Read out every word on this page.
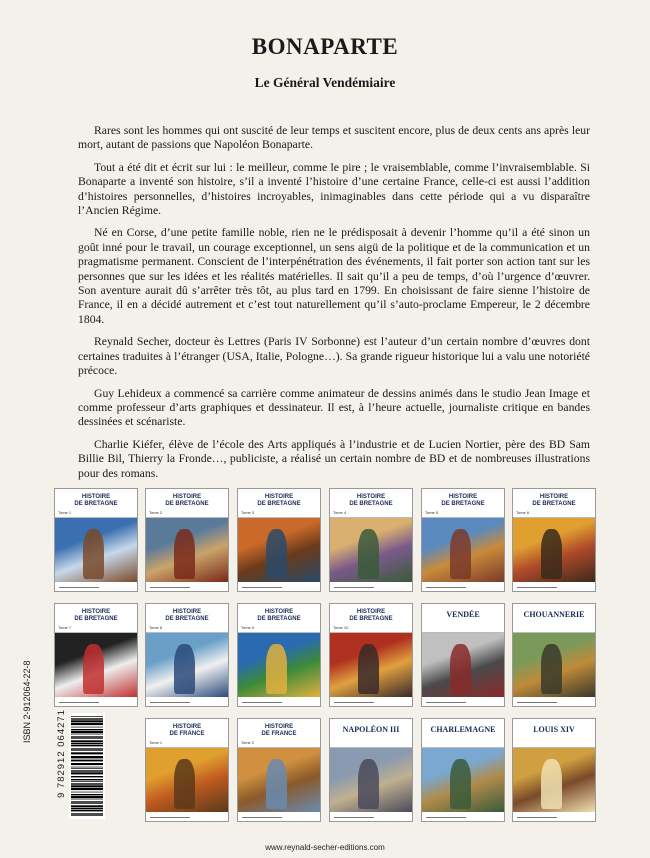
BONAPARTE
Le Général Vendémiaire

Rares sont les hommes qui ont suscité de leur temps et suscitent encore, plus de deux cents ans après leur mort, autant de passions que Napoléon Bonaparte.

Tout a été dit et écrit sur lui : le meilleur, comme le pire ; le vraisemblable, comme l’invraisemblable. Si Bonaparte a inventé son histoire, s’il a inventé l’histoire d’une certaine France, celle-ci est aussi l’addition d’histoires personnelles, d’histoires incroyables, inimaginables dans cette période qui a vu disparaître l’Ancien Régime.

Né en Corse, d’une petite famille noble, rien ne le prédisposait à devenir l’homme qu’il a été sinon un goût inné pour le travail, un courage exceptionnel, un sens aigü de la politique et de la communication et un pragmatisme permanent. Conscient de l’interpénétration des événements, il fait porter son action tant sur les personnes que sur les idées et les réalités matérielles. Il sait qu’il a peu de temps, d’où l’urgence d’œuvrer. Son aventure aurait dû s’arrêter très tôt, au plus tard en 1799. En choisissant de faire sienne l’histoire de France, il en a décidé autrement et c’est tout naturellement qu’il s’auto-proclame Empereur, le 2 décembre 1804.

Reynald Secher, docteur ès Lettres (Paris IV Sorbonne) est l’auteur d’un certain nombre d’œuvres dont certaines traduites à l’étranger (USA, Italie, Pologne…). Sa grande rigueur historique lui a valu une notoriété précoce.

Guy Lehideux a commencé sa carrière comme animateur de dessins animés dans le studio Jean Image et comme professeur d’arts graphiques et dessinateur. Il est, à l’heure actuelle, journaliste critique en bandes dessinées et scénariste.

Charlie Kiéfer, élève de l’école des Arts appliqués à l’industrie et de Lucien Nortier, père des BD Sam Billie Bil, Thierry la Fronde…, publiciste, a réalisé un certain nombre de BD et de nombreuses illustrations pour des romans.

HISTOIRE
DE BRETAGNE
Tome 1
HISTOIRE
DE BRETAGNE
Tome 2
HISTOIRE
DE BRETAGNE
Tome 3
HISTOIRE
DE BRETAGNE
Tome 4
HISTOIRE
DE BRETAGNE
Tome 5
HISTOIRE
DE BRETAGNE
Tome 6
HISTOIRE
DE BRETAGNE
Tome 7
HISTOIRE
DE BRETAGNE
Tome 8
HISTOIRE
DE BRETAGNE
Tome 9
HISTOIRE
DE BRETAGNE
Tome 10
VENDÉE	CHOUANNERIE
HISTOIRE
DE FRANCE
Tome 1
HISTOIRE
DE FRANCE
Tome 2
NAPOLÉON III	CHARLEMAGNE	LOUIS XIV
ISBN 2-912064-22-8
9 782912 064271
www.reynald-secher-editions.com
